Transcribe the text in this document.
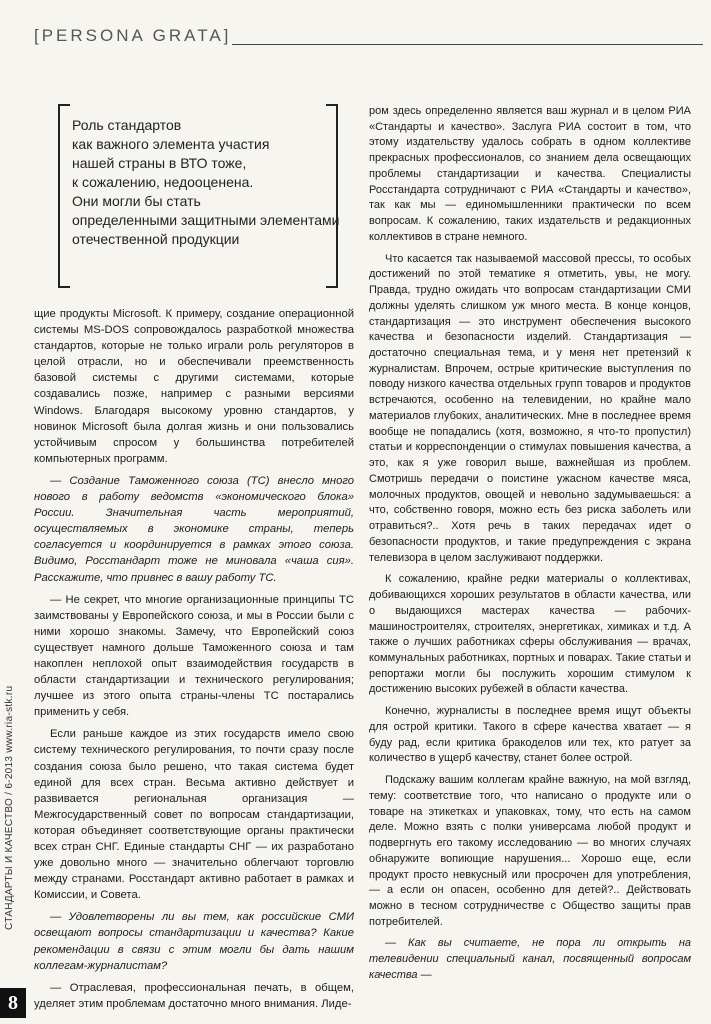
[PERSONA GRATA]
СТАНДАРТЫ И КАЧЕСТВО / 6-2013 www.ria-stk.ru
8
Роль стандартов
как важного элемента участия
нашей страны в ВТО тоже,
к сожалению, недооценена.
Они могли бы стать
определенными защитными элементами
отечественной продукции

щие продукты Microsoft. К примеру, создание операционной системы MS-DOS сопровождалось разработкой множества стандартов, которые не только играли роль регуляторов в целой отрасли, но и обеспечивали преемственность базовой системы с другими системами, которые создавались позже, например с разными версиями Windows. Благодаря высокому уровню стандартов, у новинок Microsoft была долгая жизнь и они пользовались устойчивым спросом у большинства потребителей компьютерных программ.

— Создание Таможенного союза (ТС) внесло много нового в работу ведомств «экономического блока» России. Значительная часть мероприятий, осуществляемых в экономике страны, теперь согласуется и координируется в рамках этого союза. Видимо, Росстандарт тоже не миновала «чаша сия». Расскажите, что привнес в вашу работу ТС.

— Не секрет, что многие организационные принципы ТС заимствованы у Европейского союза, и мы в России были с ними хорошо знакомы. Замечу, что Европейский союз существует намного дольше Таможенного союза и там накоплен неплохой опыт взаимодействия государств в области стандартизации и технического регулирования; лучшее из этого опыта страны-члены ТС постарались применить у себя.

Если раньше каждое из этих государств имело свою систему технического регулирования, то почти сразу после создания союза было решено, что такая система будет единой для всех стран. Весьма активно действует и развивается региональная организация — Межгосударственный совет по вопросам стандартизации, которая объединяет соответствующие органы практически всех стран СНГ. Единые стандарты СНГ — их разработано уже довольно много — значительно облегчают торговлю между странами. Росстандарт активно работает в рамках и Комиссии, и Совета.

— Удовлетворены ли вы тем, как российские СМИ освещают вопросы стандартизации и качества? Какие рекомендации в связи с этим могли бы дать нашим коллегам-журналистам?

— Отраслевая, профессиональная печать, в общем, уделяет этим проблемам достаточно много внимания. Лиде-

ром здесь определенно является ваш журнал и в целом РИА «Стандарты и качество». Заслуга РИА состоит в том, что этому издательству удалось собрать в одном коллективе прекрасных профессионалов, со знанием дела освещающих проблемы стандартизации и качества. Специалисты Росстандарта сотрудничают с РИА «Стандарты и качество», так как мы — единомышленники практически по всем вопросам. К сожалению, таких издательств и редакционных коллективов в стране немного.

Что касается так называемой массовой прессы, то особых достижений по этой тематике я отметить, увы, не могу. Правда, трудно ожидать что вопросам стандартизации СМИ должны уделять слишком уж много места. В конце концов, стандартизация — это инструмент обеспечения высокого качества и безопасности изделий. Стандартизация — достаточно специальная тема, и у меня нет претензий к журналистам. Впрочем, острые критические выступления по поводу низкого качества отдельных групп товаров и продуктов встречаются, особенно на телевидении, но крайне мало материалов глубоких, аналитических. Мне в последнее время вообще не попадались (хотя, возможно, я что-то пропустил) статьи и корреспонденции о стимулах повышения качества, а это, как я уже говорил выше, важнейшая из проблем. Смотришь передачи о поистине ужасном качестве мяса, молочных продуктов, овощей и невольно задумываешься: а что, собственно говоря, можно есть без риска заболеть или отравиться?.. Хотя речь в таких передачах идет о безопасности продуктов, и такие предупреждения с экрана телевизора в целом заслуживают поддержки.

К сожалению, крайне редки материалы о коллективах, добивающихся хороших результатов в области качества, или о выдающихся мастерах качества — рабочих-машиностроителях, строителях, энергетиках, химиках и т.д. А также о лучших работниках сферы обслуживания — врачах, коммунальных работниках, портных и поварах. Такие статьи и репортажи могли бы послужить хорошим стимулом к достижению высоких рубежей в области качества.

Конечно, журналисты в последнее время ищут объекты для острой критики. Такого в сфере качества хватает — я буду рад, если критика бракоделов или тех, кто ратует за количество в ущерб качеству, станет более острой.

Подскажу вашим коллегам крайне важную, на мой взгляд, тему: соответствие того, что написано о продукте или о товаре на этикетках и упаковках, тому, что есть на самом деле. Можно взять с полки универсама любой продукт и подвергнуть его такому исследованию — во многих случаях обнаружите вопиющие нарушения... Хорошо еще, если продукт просто невкусный или просрочен для употребления, — а если он опасен, особенно для детей?.. Действовать можно в тесном сотрудничестве с Общество защиты прав потребителей.

— Как вы считаете, не пора ли открыть на телевидении специальный канал, посвященный вопросам качества —
